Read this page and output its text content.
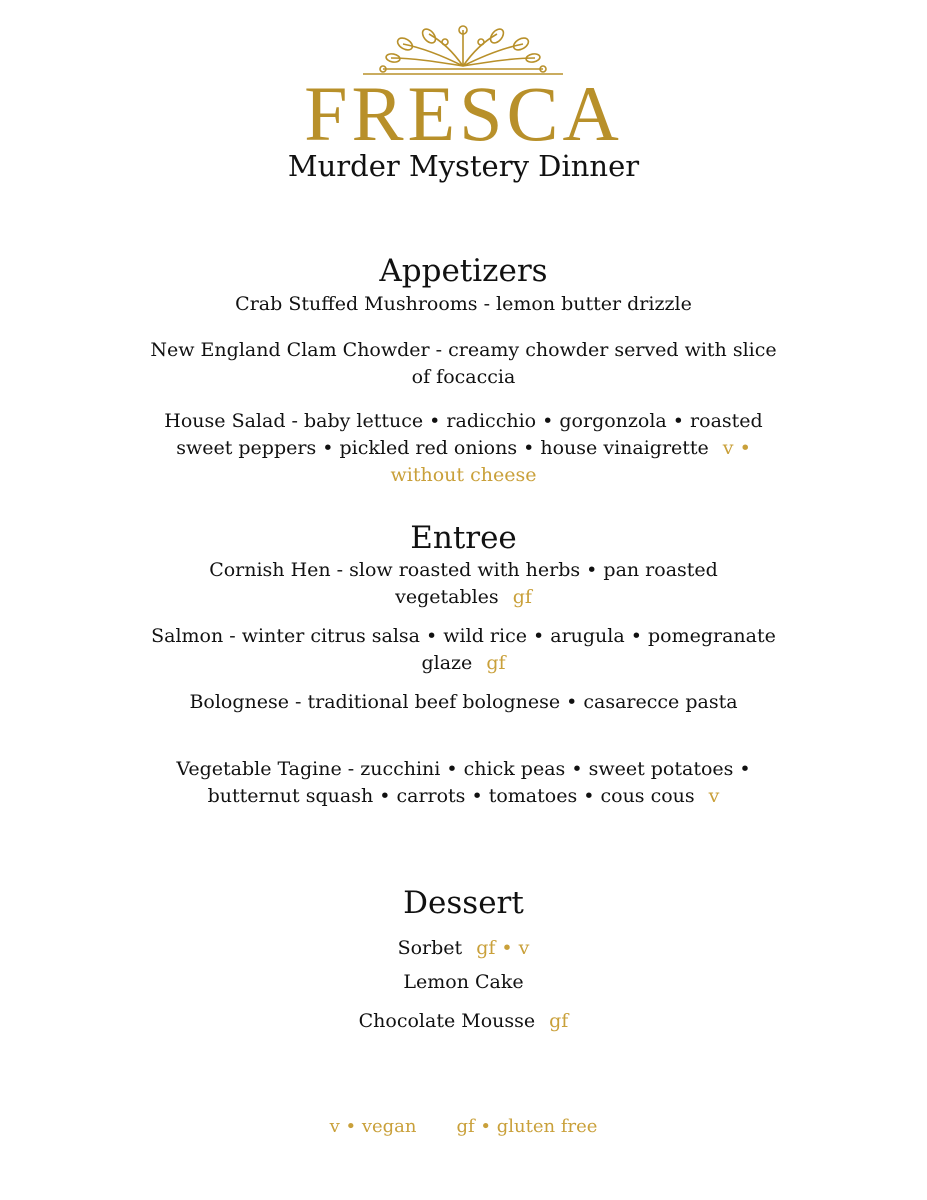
FRESCA
Murder Mystery Dinner
Appetizers
Crab Stuffed Mushrooms - lemon butter drizzle
New England Clam Chowder - creamy chowder served with slice of focaccia
House Salad - baby lettuce • radicchio • gorgonzola • roasted sweet peppers • pickled red onions • house vinaigrette v • without cheese
Entree
Cornish Hen - slow roasted with herbs • pan roasted vegetables gf
Salmon - winter citrus salsa • wild rice • arugula • pomegranate glaze gf
Bolognese - traditional beef bolognese • casarecce pasta
Vegetable Tagine - zucchini • chick peas • sweet potatoes • butternut squash • carrots • tomatoes • cous cous v
Dessert
Sorbet gf • v
Lemon Cake
Chocolate Mousse gf
v • vegan gf • gluten free
